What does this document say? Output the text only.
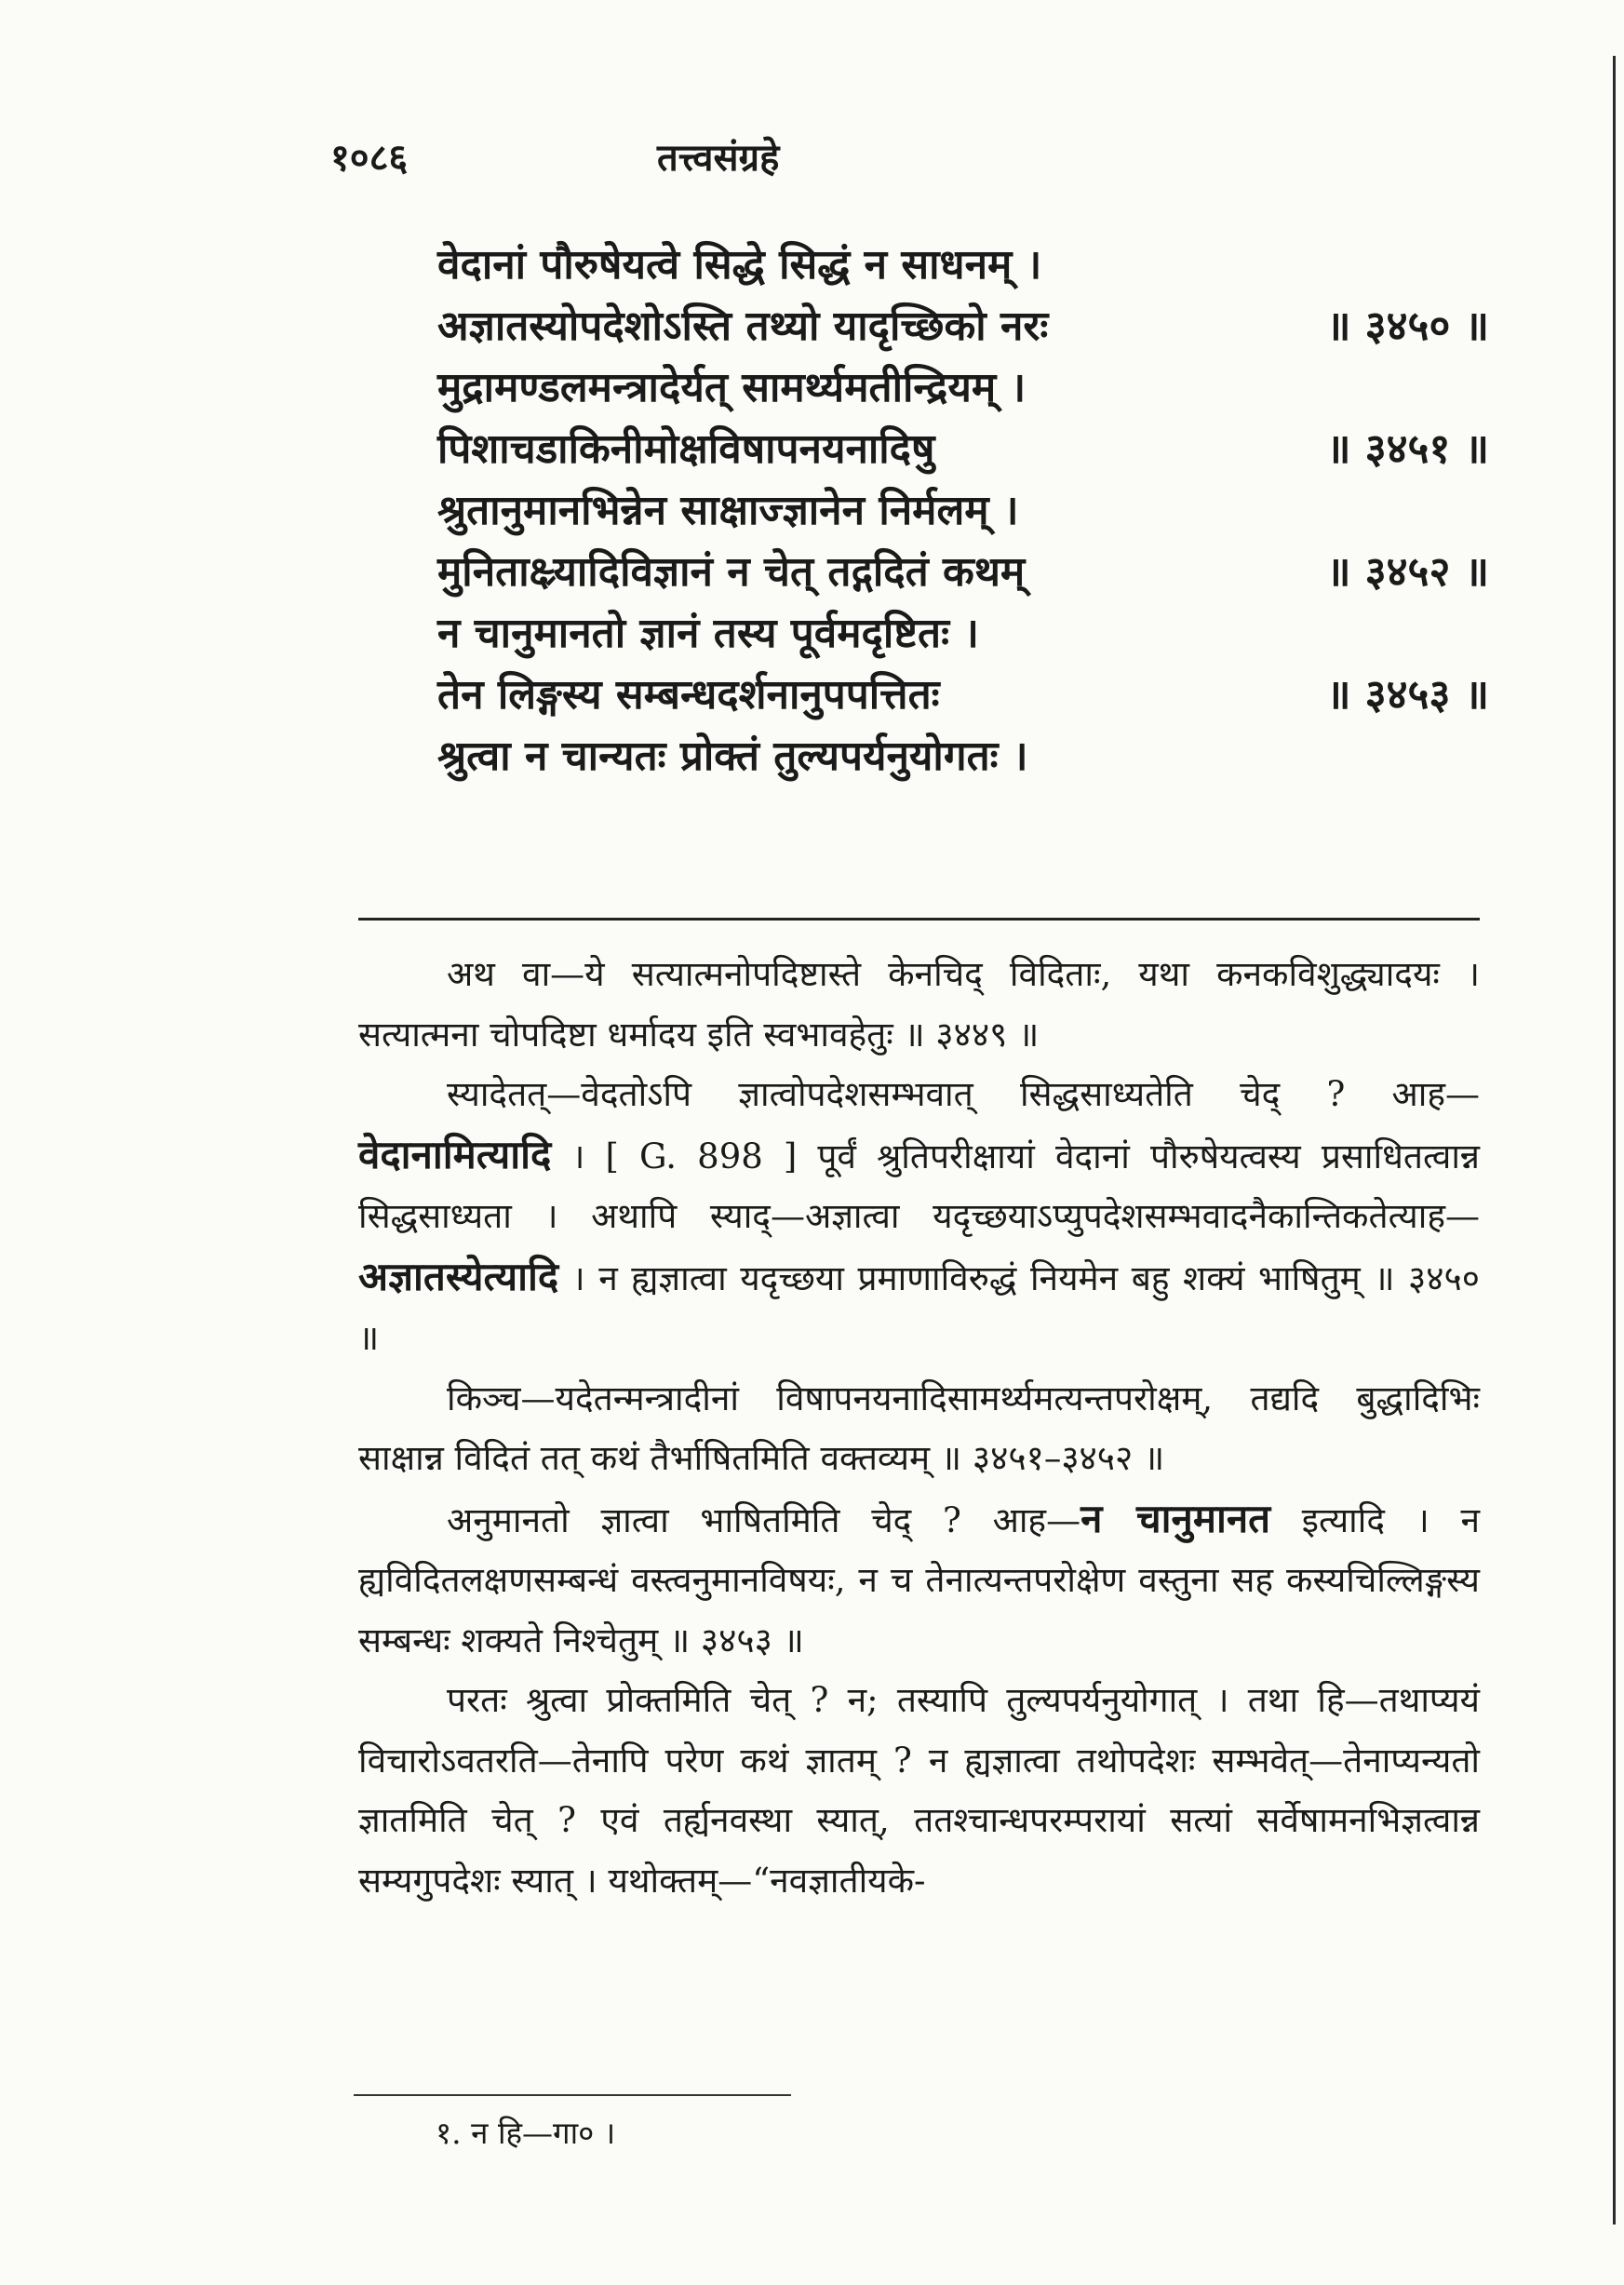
१०८६	तत्त्वसंग्रहे
वेदानां पौरुषेयत्वे सिद्धे सिद्धं न साधनम् ।
अज्ञातस्योपदेशोऽस्ति तथ्यो यादृच्छिको नरः	॥ ३४५० ॥
मुद्रामण्डलमन्त्रादेर्यत् सामर्थ्यमतीन्द्रियम् ।
पिशाचडाकिनीमोक्षविषापनयनादिषु	॥ ३४५१ ॥
श्रुतानुमानभिन्नेन साक्षाज्ज्ञानेन निर्मलम् ।
मुनिताक्ष्र्यादिविज्ञानं न चेत् तद्गदितं कथम्	॥ ३४५२ ॥
न चानुमानतो ज्ञानं तस्य पूर्वमदृष्टितः ।
तेन लिङ्गस्य सम्बन्धदर्शनानुपपत्तितः	॥ ३४५३ ॥
श्रुत्वा न चान्यतः प्रोक्तं तुल्यपर्यनुयोगतः ।

अथ वा—ये सत्यात्मनोपदिष्टास्ते केनचिद् विदिताः, यथा कनकविशुद्ध्यादयः । सत्यात्मना चोपदिष्टा धर्मादय इति स्वभावहेतुः ॥ ३४४९ ॥

स्यादेतत्—वेदतोऽपि ज्ञात्वोपदेशसम्भवात् सिद्धसाध्यतेति चेद् ? आह—वेदानामित्यादि । [ G. 898 ] पूर्वं श्रुतिपरीक्षायां वेदानां पौरुषेयत्वस्य प्रसाधितत्वान्न सिद्धसाध्यता । अथापि स्याद्—अज्ञात्वा यदृच्छयाऽप्युपदेशसम्भवादनैकान्तिकतेत्याह—अज्ञातस्येत्यादि । न ह्यज्ञात्वा यदृच्छया प्रमाणाविरुद्धं नियमेन बहु शक्यं भाषितुम् ॥ ३४५० ॥

किञ्च—यदेतन्मन्त्रादीनां विषापनयनादिसामर्थ्यमत्यन्तपरोक्षम्, तद्यदि बुद्धादिभिः साक्षान्न विदितं तत् कथं तैर्भाषितमिति वक्तव्यम् ॥ ३४५१–३४५२ ॥

अनुमानतो ज्ञात्वा भाषितमिति चेद् ? आह—न चानुमानत इत्यादि । न ह्यविदितलक्षणसम्बन्धं वस्त्वनुमानविषयः, न च तेनात्यन्तपरोक्षेण वस्तुना सह कस्यचिल्लिङ्गस्य सम्बन्धः शक्यते निश्चेतुम् ॥ ३४५३ ॥

परतः श्रुत्वा प्रोक्तमिति चेत् ? न; तस्यापि तुल्यपर्यनुयोगात् । तथा हि—तथाप्ययं विचारोऽवतरति—तेनापि परेण कथं ज्ञातम् ? न ह्यज्ञात्वा तथोपदेशः सम्भवेत्—तेनाप्यन्यतो ज्ञातमिति चेत् ? एवं तर्ह्यनवस्था स्यात्, ततश्चान्धपरम्परायां सत्यां सर्वेषामनभिज्ञत्वान्न सम्यगुपदेशः स्यात् । यथोक्तम्—“नवज्ञातीयके-

१. न हि—गा० ।
